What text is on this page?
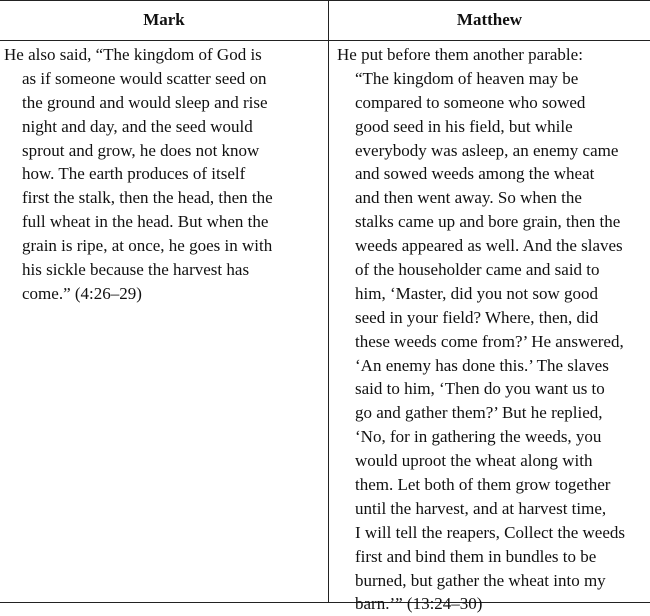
Mark	Matthew
He also said, “The kingdom of God is
as if someone would scatter seed on
the ground and would sleep and rise
night and day, and the seed would
sprout and grow, he does not know
how. The earth produces of itself
first the stalk, then the head, then the
full wheat in the head. But when the
grain is ripe, at once, he goes in with
his sickle because the harvest has
come.” (4:26–29)
He put before them another parable:
“The kingdom of heaven may be
compared to someone who sowed
good seed in his field, but while
everybody was asleep, an enemy came
and sowed weeds among the wheat
and then went away. So when the
stalks came up and bore grain, then the
weeds appeared as well. And the slaves
of the householder came and said to
him, ‘Master, did you not sow good
seed in your field? Where, then, did
these weeds come from?’ He answered,
‘An enemy has done this.’ The slaves
said to him, ‘Then do you want us to
go and gather them?’ But he replied,
‘No, for in gathering the weeds, you
would uproot the wheat along with
them. Let both of them grow together
until the harvest, and at harvest time,
I will tell the reapers, Collect the weeds
first and bind them in bundles to be
burned, but gather the wheat into my
barn.’” (13:24–30)
